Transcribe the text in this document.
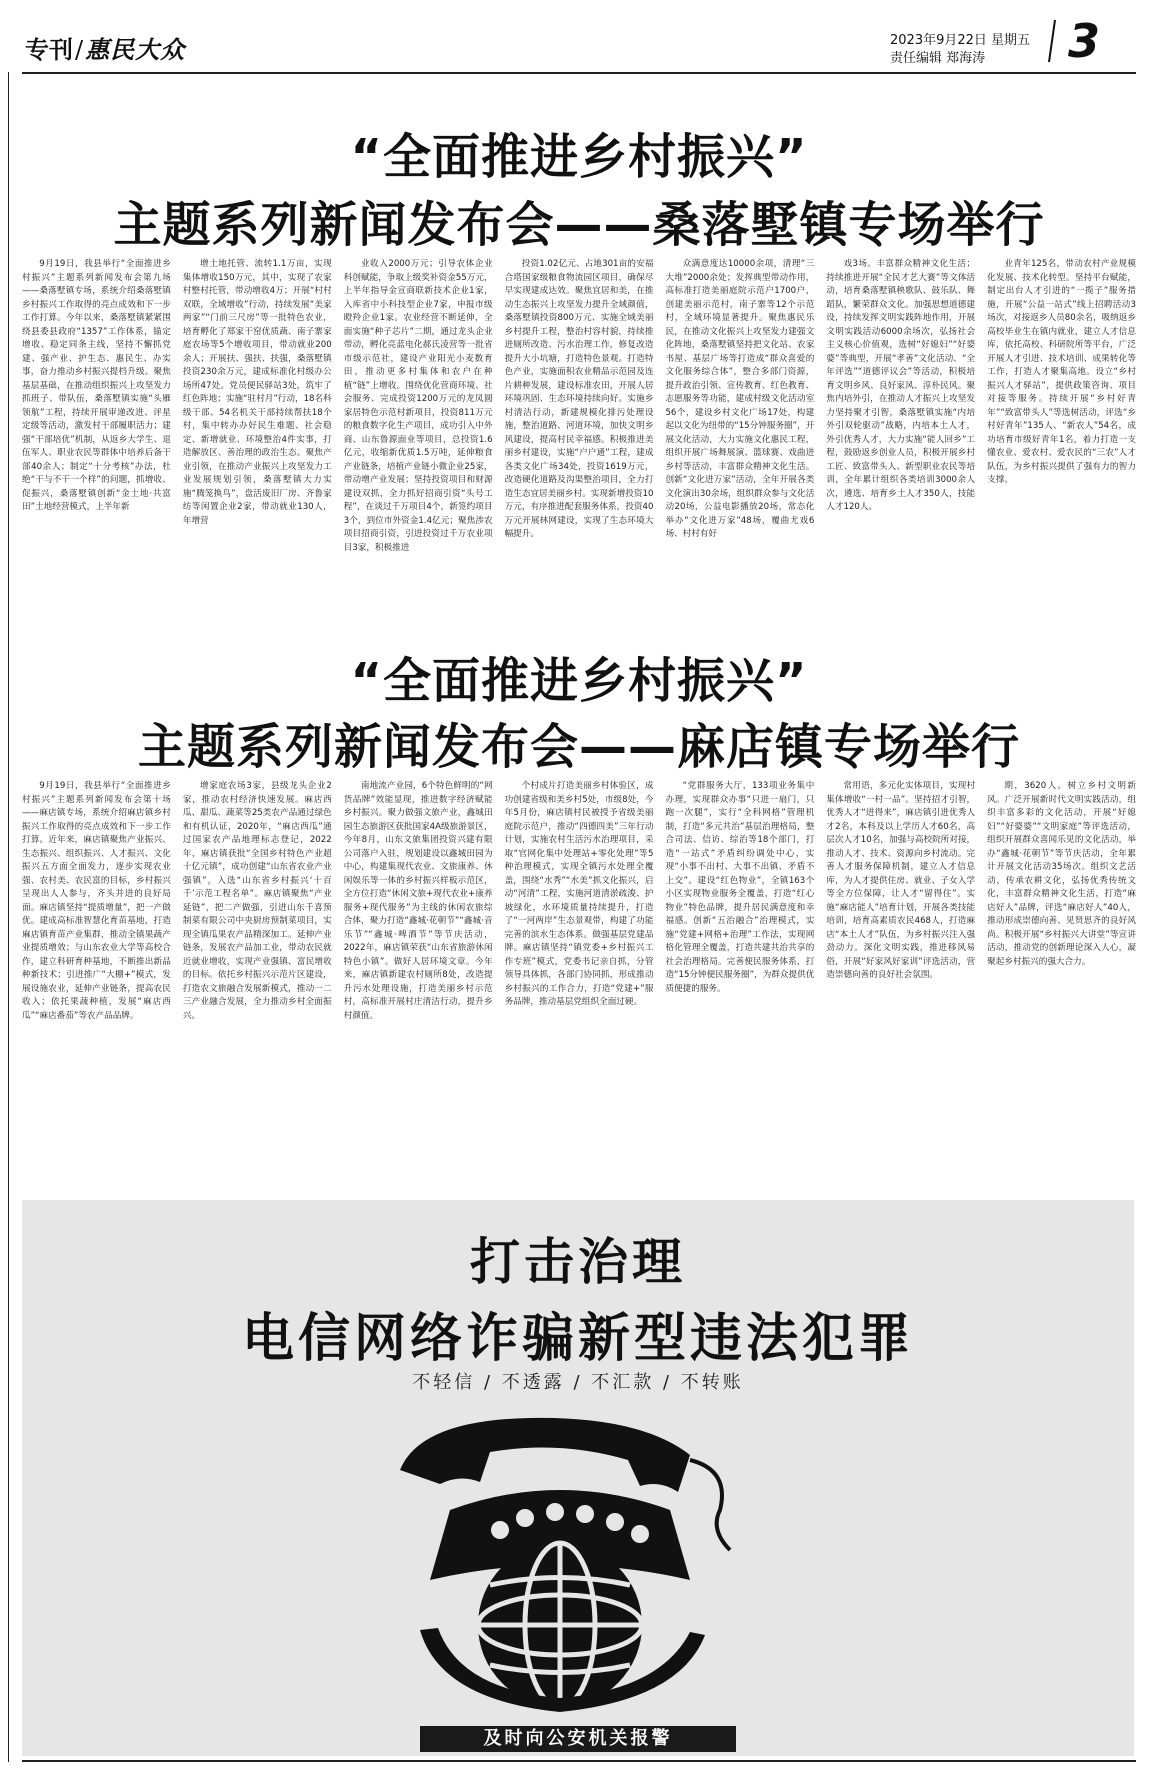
专刊/惠民大众	2023年9月22日 星期五
责任编辑 郑海涛 3
“全面推进乡村振兴”
主题系列新闻发布会——桑落墅镇专场举行

9月19日，我县举行“全面推进乡村振兴”主题系列新闻发布会第九场——桑落墅镇专场，系统介绍桑落墅镇乡村振兴工作取得的亮点成效和下一步工作打算。今年以来，桑落墅镇紧紧围绕县委县政府“1357”工作体系，锚定增收、稳定同条主线，坚持不懈抓党建、强产业、护生态、惠民生、办实事，奋力推动乡村振兴提档升级。聚焦基层基础，在推动组织振兴上攻坚发力抓班子、带队伍，桑落墅镇实施“头雁领航”工程，持续开展审递改进、评星定级等活动，激发村干部履职活力；建强“干部培优”机制，从返乡大学生、退伍军人、职业农民等群体中培养后备干部40余人；制定“十分考核”办法，杜绝“干与不干一个样”的问题，抓增收、促振兴，桑落墅镇创新“金土地·共富田”土地经营模式，上半年新

增土地托管、流转1.1万亩，实现集体增收150万元，其中，实现了农家村整村托管，带动增收4万；开展“村村双联，全域增收”行动，持续发展“美家两家”“门前三尺房”等一批特色农业，培育孵化了郑家干窑优质蔬、南子寨家庭农场等5个增收项目，带动就业200余人；开展扶、强扶、扶强，桑落墅镇投资230余万元，建成标准化村级办公场所47处。党员便民驿站3处，筑牢了红色阵地；实施“驻村月”行动，18名科级干部、54名机关干部持续帮扶18个村，集中转办办好民生难题、社会稳定、新增就业、环境整治4件实事，打造解放区、善治理的政治生态。聚焦产业引领，在推动产业振兴上攻坚发力工业发展规划引领，桑落墅镇大力实施“腾笼换鸟”，盘活废旧厂房、齐鲁家纺等闲置企业2家，带动就业130人，年增营

业收入2000万元；引导农体企业科创赋能，争取上级奖补资金55万元，上半年指导金宣商联新技术企业1家，入库省中小科技型企业7家，申报市级瞪羚企业1家。农业经营不断延伸，全面实施“种子芯片”二期，通过龙头企业带动，孵化亮蓝电化郝氏凌营等一批省市级示范社，建设产业阳光小麦数育田，推动更多村集体和农户在种植“链”上增收。围绕优化营商环境、社会服务、完成投资1200万元的龙凤圆家居特色示范村新项目，投资811万元的粮食数字化生产项目，成功引入中外商、山东鲁源面业等项目，总投资1.6亿元，收缩新优质1.5万吨，延伸粮食产业链条，培植产业链小微企业25家，带动增产业发展；坚持投资项目和财源建设双抓，全力抓好招商引资“头号工程”，在谈过千万项目4个，新签约项目3个，到位市外资金1.4亿元；聚焦涉农项目招商引资，引进投资过千万农业项目3家，积极推进

投资1.02亿元、占地301亩的安福合塔国家级粮食物流园区项目，确保尽早实现建成达效。聚焦宜居和美，在推动生态振兴上攻坚发力提升全域颜值，桑落墅镇投资800万元、实施全域美丽乡村提升工程，整治村容村貌，持续推进厕所改造、污水治理工作，修复改造提升大小坑塘，打造特色景观。打造特色产业，实施面积农业精品示范园及连片耕种发展，建设标准农田，开展人居环境巩固、生态环境持续向好。实施乡村清洁行动，新建规模化排污处理设施，整治道路、河道环境，加快文明乡风建设，提高村民幸福感。积极推进美丽乡村建设，实施“户户通”工程，建成各类文化广场34处，投资1619万元，改造硬化道路及沟渠整治项目，全力打造生态宜居美丽乡村。实现新增投资10万元，有序推进配套服务体系，投资40万元开展林网建设，实现了生态环境大幅提升。

众满意度达10000余项，清理“三大堆”2000余处；发挥典型带动作用，高标准打造美丽庭院示范户1700户，创建美丽示范村，南子寨等12个示范村，全域环境显著提升。聚焦惠民乐民，在推动文化振兴上攻坚发力建强文化阵地，桑落墅镇坚持把文化站、农家书屋、基层广场等打造成“群众喜爱的文化服务综合体”，整合多部门资源，提升政治引领、宣传教育、红色教育、志愿服务等功能，建成村级文化活动室56个，建设乡村文化广场17处，构建起以文化为纽带的“15分钟服务圈”，开展文化活动，大力实施文化惠民工程，组织开展广场舞展演、篮球赛、戏曲进乡村等活动，丰富群众精神文化生活。创新“文化进万家”活动，全年开展各类文化演出30余场，组织群众参与文化活动20场，公益电影播放20场，常态化举办“文化进万家”48场，覆曲尤戏6场、村村有好

戏3场。丰富群众精神文化生活；持续推进开展“全民才艺大赛”等文体活动，培育桑落墅镇秧歌队、鼓乐队、舞蹈队，繁荣群众文化。加强思想道德建设，持续发挥文明实践阵地作用，开展文明实践活动6000余场次，弘扬社会主义核心价值观，选树“好媳妇”“好婆婆”等典型，开展“孝善”文化活动、“全年评选”“道德评议会”等活动，积极培育文明乡风、良好家风、淳朴民风。聚焦内培外引，在推动人才振兴上攻坚发力坚持聚才引智，桑落墅镇实施“内培外引双轮驱动”战略，内培本土人才，外引优秀人才，大力实施“能人回乡”工程，鼓励返乡创业人员，积极开展乡村工匠、致富带头人、新型职业农民等培训，全年累计组织各类培训3000余人次，遴选、培育乡土人才350人，技能人才120人。

业青年125名，带动农村产业规模化发展、技术化转型。坚持平台赋能，制定出台人才引进的“一揽子”服务措施，开展“公益一站式”线上招聘活动3场次，对接返乡人员80余名，吸纳返乡高校毕业生在镇内就业，建立人才信息库，依托高校、科研院所等平台，广泛开展人才引进、技术培训、成果转化等工作，打造人才聚集高地。设立“乡村振兴人才驿站”，提供政策咨询、项目对接等服务。持续开展“乡村好青年”“致富带头人”等选树活动，评选“乡村好青年”135人、“新农人”54名，成功培育市级好青年1名，着力打造一支懂农业、爱农村、爱农民的“三农”人才队伍，为乡村振兴提供了强有力的智力支撑。

“全面推进乡村振兴”
主题系列新闻发布会——麻店镇专场举行

9月19日，我县举行“全面推进乡村振兴”主题系列新闻发布会第十场——麻店镇专场，系统介绍麻店镇乡村振兴工作取得的亮点成效和下一步工作打算。近年来，麻店镇聚焦产业振兴、生态振兴、组织振兴、人才振兴、文化振兴五方面全面发力，逐步实现农业强、农村美、农民富的目标，乡村振兴呈现出人人参与，齐头并进的良好局面。麻店镇坚持“提质增量”，把一产做优。建成高标准智慧化育苗基地，打造麻店镇育苗产业集群，推动全镇果蔬产业提质增效；与山东农业大学等高校合作，建立科研育种基地，不断推出新品种新技术；引进推广“大棚+”模式，发展设施农业，延伸产业链条，提高农民收入；依托果蔬种植，发展“麻店西瓜”“麻店番茄”等农产品品牌。

增家庭农场3家，县级龙头企业2家，推动农村经济快速发展。麻店西瓜、甜瓜、蔬菜等25类农产品通过绿色和有机认证，2020年，“麻店西瓜”通过国家农产品地理标志登记，2022年，麻店镇获批“全国乡村特色产业超十亿元镇”，成功创建“山东省农业产业强镇”，入选“山东省乡村振兴‘十百千’示范工程名单”。麻店镇聚焦“产业延链”，把二产做强，引进山东千喜预制菜有限公司中央厨房预制菜项目，实现全镇瓜果农产品精深加工。延伸产业链条，发展农产品加工业，带动农民就近就业增收，实现产业强镇、富民增收的目标。依托乡村振兴示范片区建设，打造农文旅融合发展新模式，推动一二三产业融合发展，全力推动乡村全面振兴。

南地流产业园，6个特色鲜明的“网货品牌”效能显现，推进数字经济赋能乡村振兴。聚力做强文旅产业，鑫城田园生态旅游区获批国家4A级旅游景区，今年8月，山东文旅集团投资兴建有限公司落户入驻，规划建设以鑫城田园为中心，构建集现代农业、文旅康养、休闲娱乐等一体的乡村振兴样板示范区，全方位打造“休闲文旅+现代农业+康养服务+现代服务”为主线的休闲农旅综合体，聚力打造“鑫城·花朝节”“鑫城·音乐节”“鑫城·啤酒节”等节庆活动，2022年，麻店镇荣获“山东省旅游休闲特色小镇”。做好人居环境文章。今年来，麻店镇新建农村厕所8处，改造提升污水处理设施，打造美丽乡村示范村，高标准开展村庄清洁行动，提升乡村颜值。

个村成片打造美丽乡村体验区，成功创建省级和美乡村5处，市级8处，今年5月份，麻店镇村民被授予省级美丽庭院示范户，推动“四德四美”三年行动计划，实施农村生活污水治理项目，采取“官网化集中处理站+零化处理”等5种治理模式，实现全镇污水处理全覆盖，围绕“水秀”“水美”抓文化振兴，启动“河清”工程，实施河道清淤疏浚、护坡绿化，水环境质量持续提升，打造了“一河两岸”生态景观带，构建了功能完善的滨水生态体系。做强基层党建品牌。麻店镇坚持“镇党委+乡村振兴工作专班”模式，党委书记亲自抓，分管领导具体抓，各部门协同抓，形成推动乡村振兴的工作合力，打造“党建+”服务品牌，推动基层党组织全面过硬。

“党群服务大厅，133项业务集中办理，实现群众办事“只进一扇门，只跑一次腿”，实行“全科网格”管理机制，打造“多元共治”基层治理格局，整合司法、信访、综治等18个部门，打造“一站式”矛盾纠纷调处中心，实现“小事不出村、大事不出镇、矛盾不上交”。建设“红色物业”，全镇163个小区实现物业服务全覆盖，打造“红心物业”特色品牌，提升居民满意度和幸福感。创新“五治融合”治理模式，实施“党建+网格+治理”工作法，实现网格化管理全覆盖，打造共建共治共享的社会治理格局。完善便民服务体系，打造“15分钟便民服务圈”，为群众提供优质便捷的服务。

常用语，多元化实体项目，实现村集体增收“一村一品”。坚持招才引智，优秀人才“进得来”，麻店镇引进优秀人才2名，本科及以上学历人才60名，高层次人才10名，加强与高校院所对接，推动人才、技术、资源向乡村流动。完善人才服务保障机制，建立人才信息库，为人才提供住房、就业、子女入学等全方位保障，让人才“留得住”。实施“麻店能人”培育计划，开展各类技能培训，培育高素质农民468人，打造麻店“本土人才”队伍，为乡村振兴注入强劲动力。深化文明实践，推进移风易俗，开展“好家风好家训”评选活动，营造崇德向善的良好社会氛围。

期，3620人。树立乡村文明新风。广泛开展新时代文明实践活动，组织丰富多彩的文化活动，开展“好媳妇”“好婆婆”“文明家庭”等评选活动，组织开展群众喜闻乐见的文化活动，举办“鑫城·花朝节”等节庆活动，全年累计开展文化活动35场次。组织文艺活动，传承农耕文化，弘扬优秀传统文化，丰富群众精神文化生活，打造“麻店好人”品牌，评选“麻店好人”40人，推动形成崇德向善、见贤思齐的良好风尚。积极开展“乡村振兴大讲堂”等宣讲活动，推动党的创新理论深入人心，凝聚起乡村振兴的强大合力。

打击治理
电信网络诈骗新型违法犯罪
不轻信 / 不透露 / 不汇款 / 不转账
及时向公安机关报警
